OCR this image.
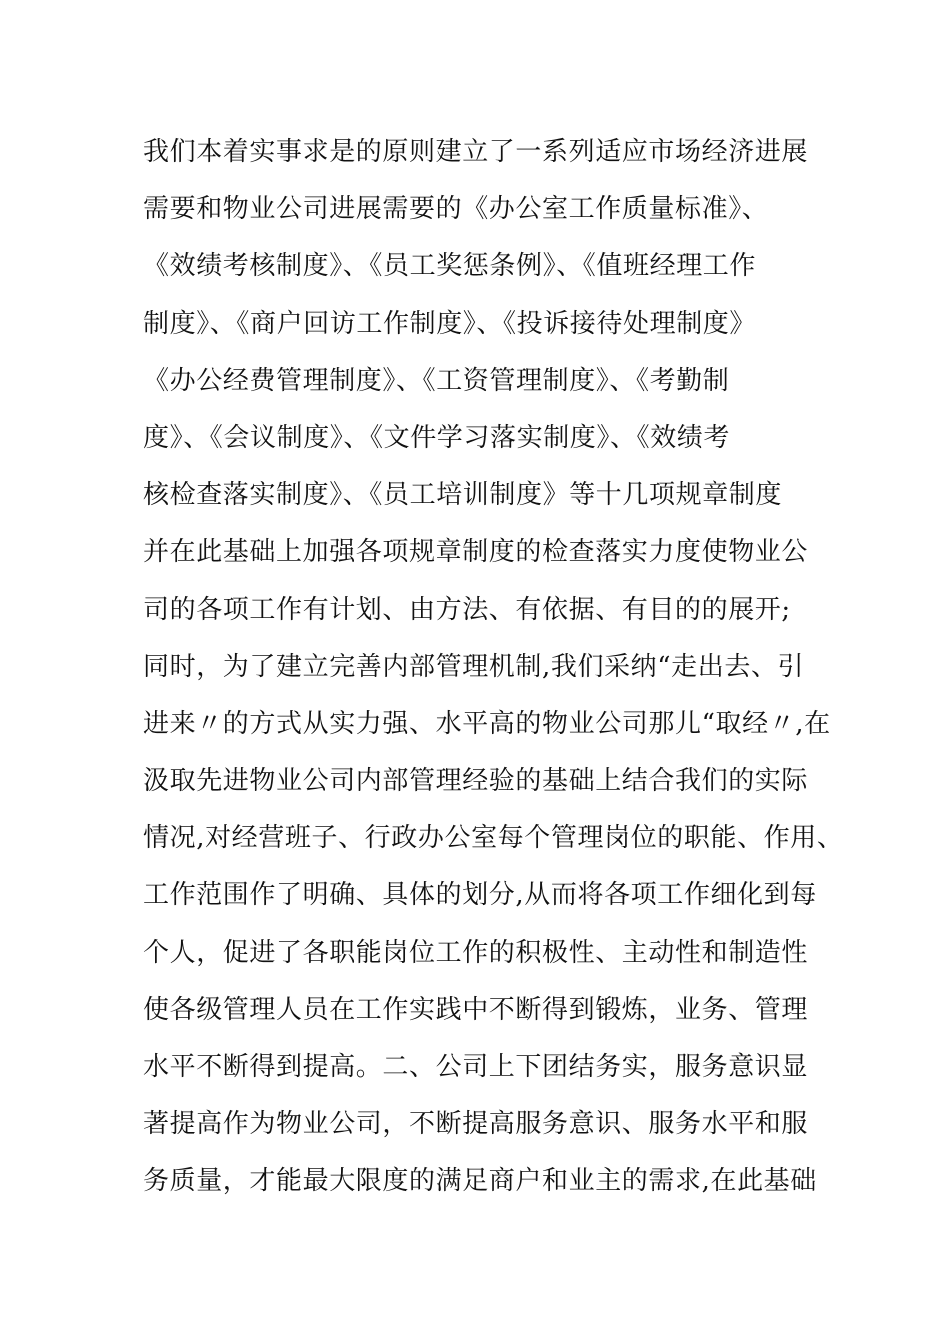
我们本着实事求是的原则建立了一系列适应市场经济进展
需要和物业公司进展需要的《办公室工作质量标准》、
《效绩考核制度》、《员工奖惩条例》、《值班经理工作
制度》、《商户回访工作制度》、《投诉接待处理制度》
《办公经费管理制度》、《工资管理制度》、《考勤制
度》、《会议制度》、《文件学习落实制度》、《效绩考
核检查落实制度》、《员工培训制度》等十几项规章制度
并在此基础上加强各项规章制度的检查落实力度使物业公
司的各项工作有计划、由方法、有依据、有目的的展开;
同时，为了建立完善内部管理机制,我们采纳“走出去、引
进来〃的方式从实力强、水平高的物业公司那儿“取经〃,在
汲取先进物业公司内部管理经验的基础上结合我们的实际
情况,对经营班子、行政办公室每个管理岗位的职能、作用、
工作范围作了明确、具体的划分,从而将各项工作细化到每
个人，促进了各职能岗位工作的积极性、主动性和制造性
使各级管理人员在工作实践中不断得到锻炼，业务、管理
水平不断得到提高。二、公司上下团结务实，服务意识显
著提高作为物业公司，不断提高服务意识、服务水平和服
务质量，才能最大限度的满足商户和业主的需求,在此基础
